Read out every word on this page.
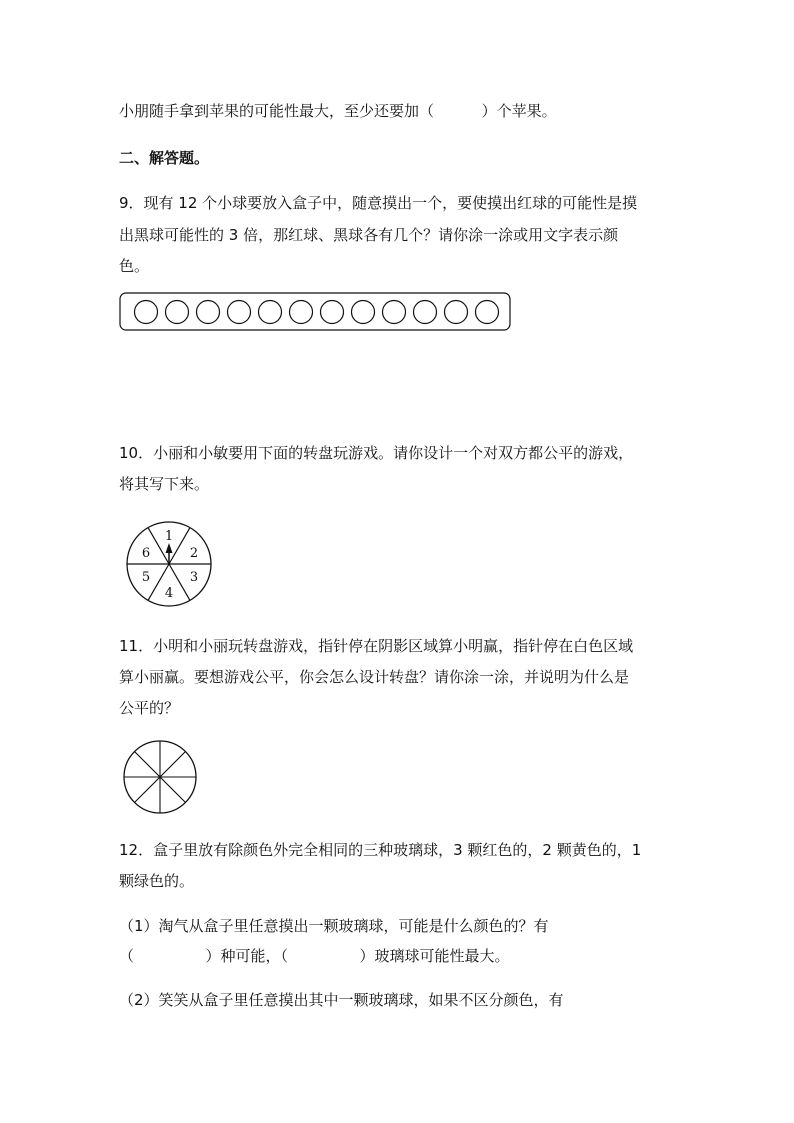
小朋随手拿到苹果的可能性最大，至少还要加（          ）个苹果。
二、解答题。
9．现有 12 个小球要放入盒子中，随意摸出一个，要使摸出红球的可能性是摸
出黑球可能性的 3 倍，那红球、黑球各有几个？请你涂一涂或用文字表示颜
色。
10．小丽和小敏要用下面的转盘玩游戏。请你设计一个对双方都公平的游戏，
将其写下来。
1
2
3
4
5
6
11．小明和小丽玩转盘游戏，指针停在阴影区域算小明赢，指针停在白色区域
算小丽赢。要想游戏公平，你会怎么设计转盘？请你涂一涂，并说明为什么是
公平的？
12．盒子里放有除颜色外完全相同的三种玻璃球，3 颗红色的，2 颗黄色的，1
颗绿色的。
（1）淘气从盒子里任意摸出一颗玻璃球，可能是什么颜色的？有
（               ）种可能，（               ）玻璃球可能性最大。
（2）笑笑从盒子里任意摸出其中一颗玻璃球，如果不区分颜色，有
